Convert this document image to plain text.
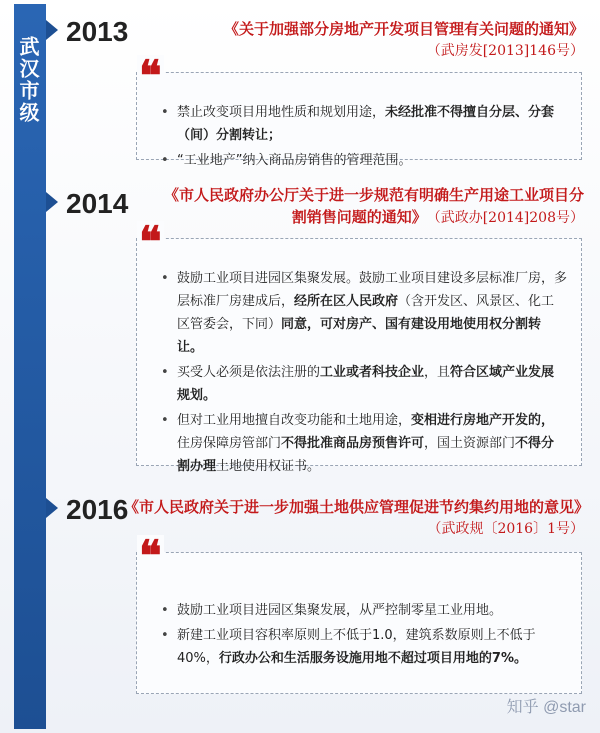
武汉市级
2013	《关于加强部分房地产开发项目管理有关问题的通知》
（武房发[2013]146号）
❝
• 禁止改变项目用地性质和规划用途，未经批准不得擅自分层、分套（间）分割转让；
• “工业地产”纳入商品房销售的管理范围。
2014	《市人民政府办公厅关于进一步规范有明确生产用途工业项目分割销售问题的通知》（武政办[2014]208号）
❝
• 鼓励工业项目进园区集聚发展。鼓励工业项目建设多层标准厂房，多层标准厂房建成后，经所在区人民政府（含开发区、风景区、化工区管委会，下同）同意，可对房产、国有建设用地使用权分割转让。
• 买受人必须是依法注册的工业或者科技企业，且符合区域产业发展规划。
• 但对工业用地擅自改变功能和土地用途，变相进行房地产开发的，住房保障房管部门不得批准商品房预售许可，国土资源部门不得分割办理土地使用权证书。
2016
《市人民政府关于进一步加强土地供应管理促进节约集约用地的意见》
（武政规〔2016〕1号）
❝
• 鼓励工业项目进园区集聚发展，从严控制零星工业用地。
• 新建工业项目容积率原则上不低于1.0，建筑系数原则上不低于40%，行政办公和生活服务设施用地不超过项目用地的7%。
知乎 @star
